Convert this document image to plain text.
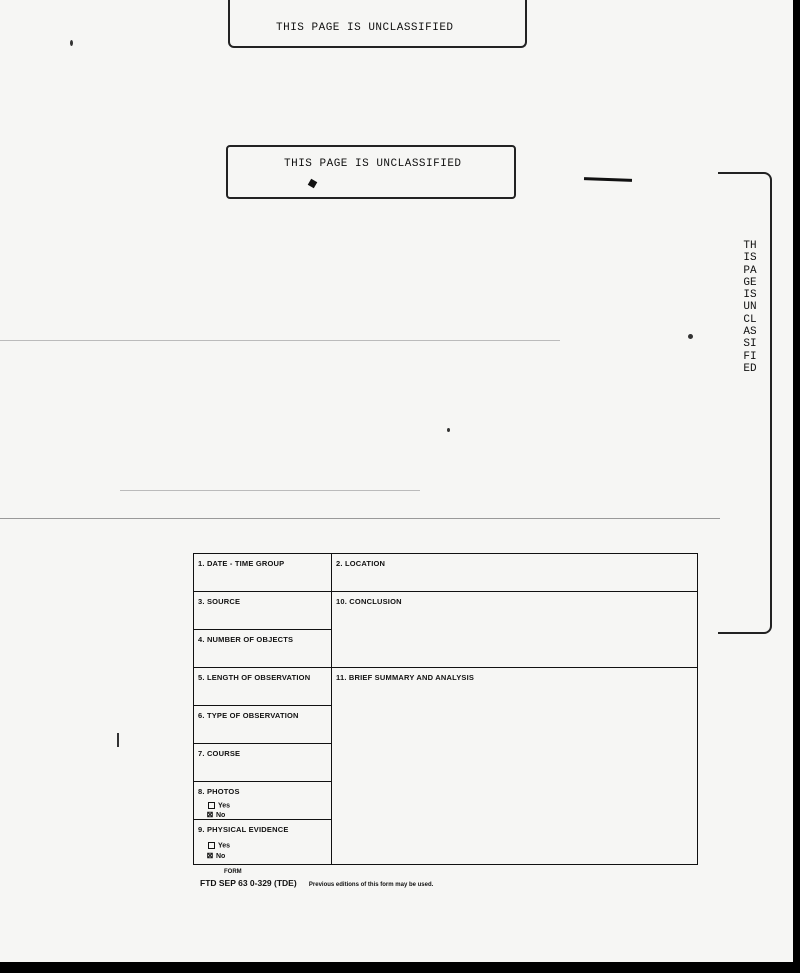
THIS PAGE IS UNCLASSIFIED
THIS PAGE IS UNCLASSIFIED
THIS PAGE IS UNCLASSIFIED
1. DATE - TIME GROUP	2. LOCATION
3. SOURCE	10. CONCLUSION
4. NUMBER OF OBJECTS
5. LENGTH OF OBSERVATION	11. BRIEF SUMMARY AND ANALYSIS
6. TYPE OF OBSERVATION
7. COURSE
8. PHOTOS
Yes
⊠ No
9. PHYSICAL EVIDENCE
Yes
⊠ No
FORM
FTD SEP 63 0-329 (TDE) Previous editions of this form may be used.
